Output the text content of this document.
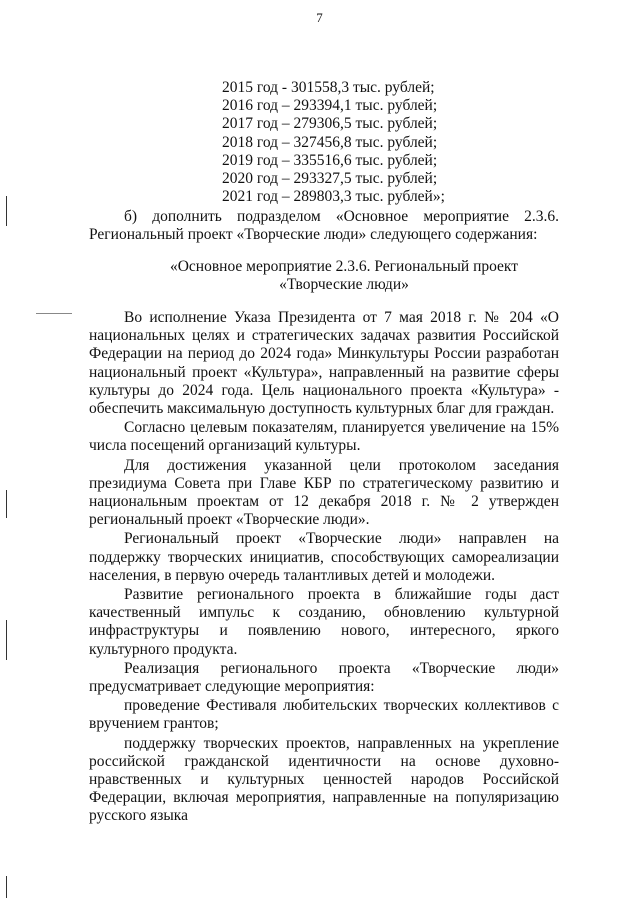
7
2015 год - 301558,3 тыс. рублей;
2016 год – 293394,1 тыс. рублей;
2017 год – 279306,5 тыс. рублей;
2018 год – 327456,8 тыс. рублей;
2019 год – 335516,6 тыс. рублей;
2020 год – 293327,5 тыс. рублей;
2021 год – 289803,3 тыс. рублей»;

б) дополнить подразделом «Основное мероприятие 2.3.6. Региональный проект «Творческие люди» следующего содержания:

«Основное мероприятие 2.3.6. Региональный проект
«Творческие люди»

Во исполнение Указа Президента от 7 мая 2018 г. № 204 «О национальных целях и стратегических задачах развития Российской Федерации на период до 2024 года» Минкультуры России разработан национальный проект «Культура», направленный на развитие сферы культуры до 2024 года. Цель национального проекта «Культура» - обеспечить максимальную доступность культурных благ для граждан.

Согласно целевым показателям, планируется увеличение на 15% числа посещений организаций культуры.

Для достижения указанной цели протоколом заседания президиума Совета при Главе КБР по стратегическому развитию и национальным проектам от 12 декабря 2018 г. № 2 утвержден региональный проект «Творческие люди».

Региональный проект «Творческие люди» направлен на поддержку творческих инициатив, способствующих самореализации населения, в первую очередь талантливых детей и молодежи.

Развитие регионального проекта в ближайшие годы даст качественный импульс к созданию, обновлению культурной инфраструктуры и появлению нового, интересного, яркого культурного продукта.

Реализация регионального проекта «Творческие люди» предусматривает следующие мероприятия:

проведение Фестиваля любительских творческих коллективов с вручением грантов;

поддержку творческих проектов, направленных на укрепление российской гражданской идентичности на основе духовно-нравственных и культурных ценностей народов Российской Федерации, включая мероприятия, направленные на популяризацию русского языка
